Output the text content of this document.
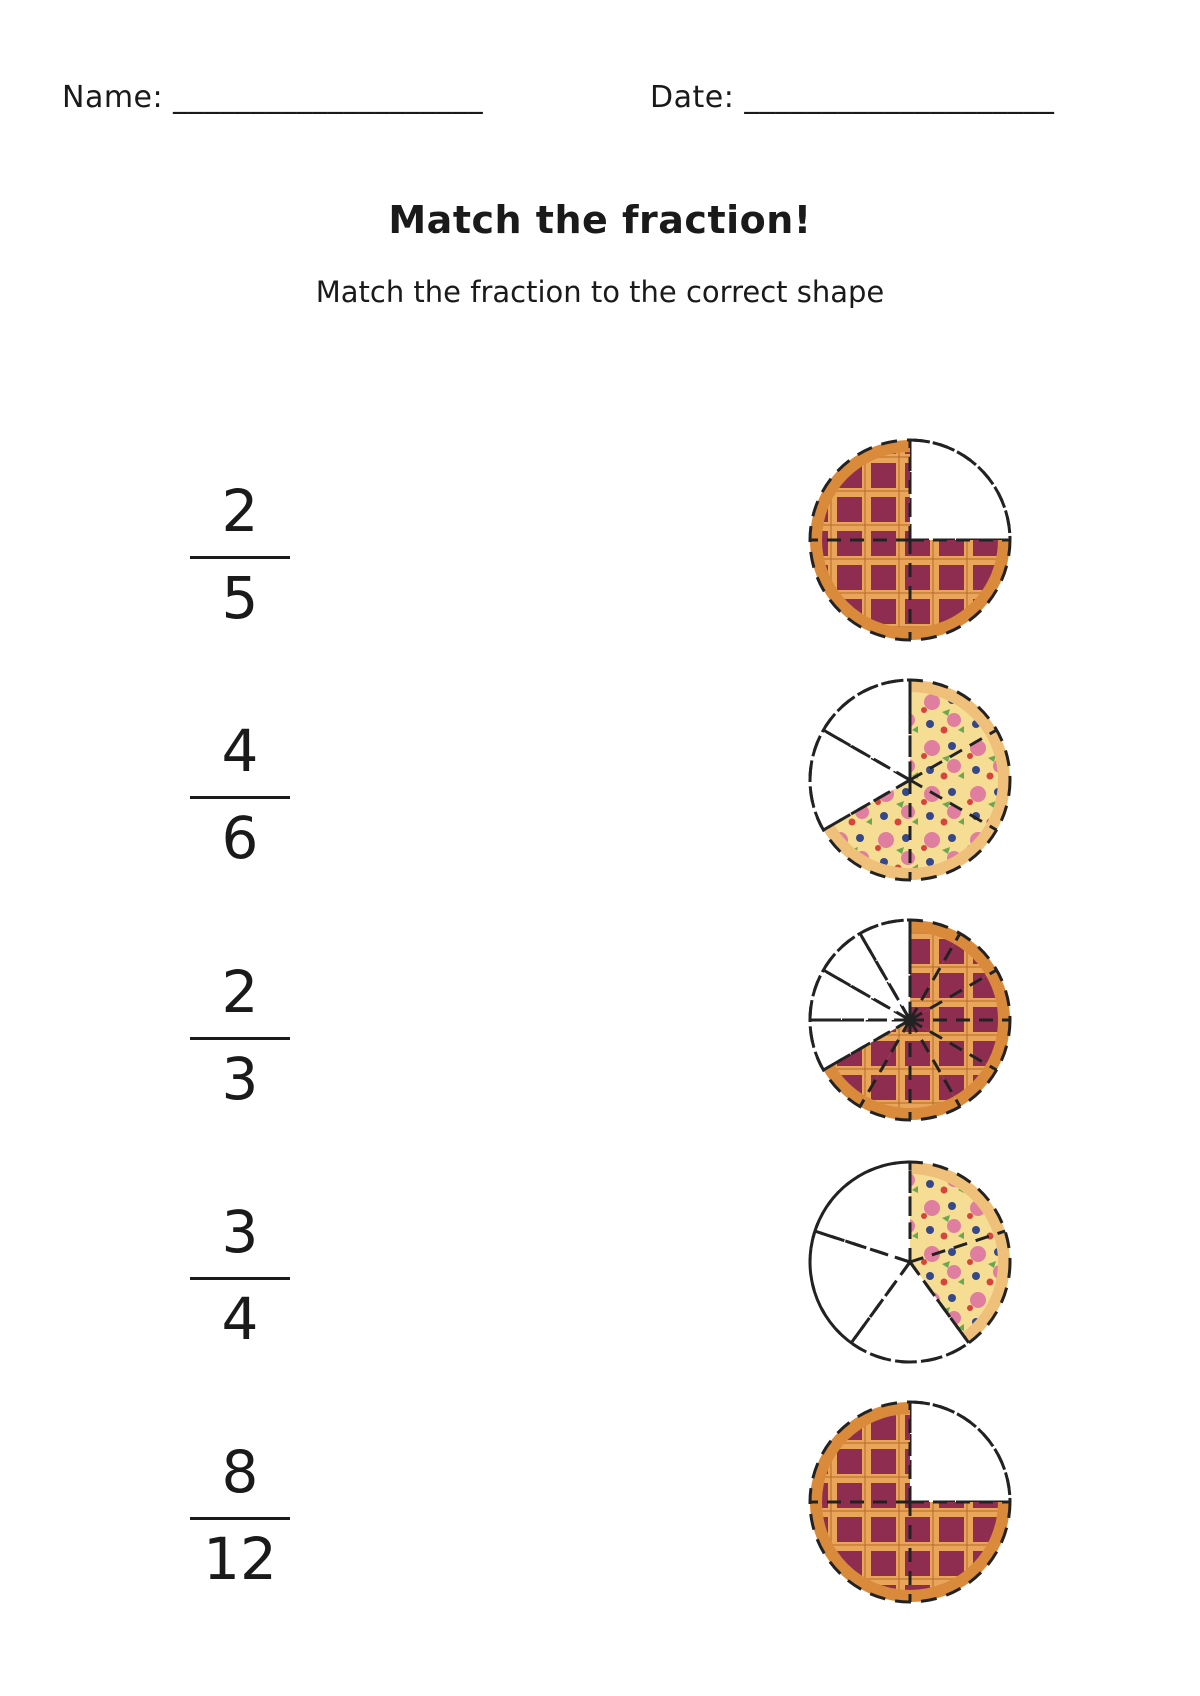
Name: ____________________	Date: ____________________
Match the fraction!
Match the fraction to the correct shape
2
5
4
6
2
3
3
4
8
12
